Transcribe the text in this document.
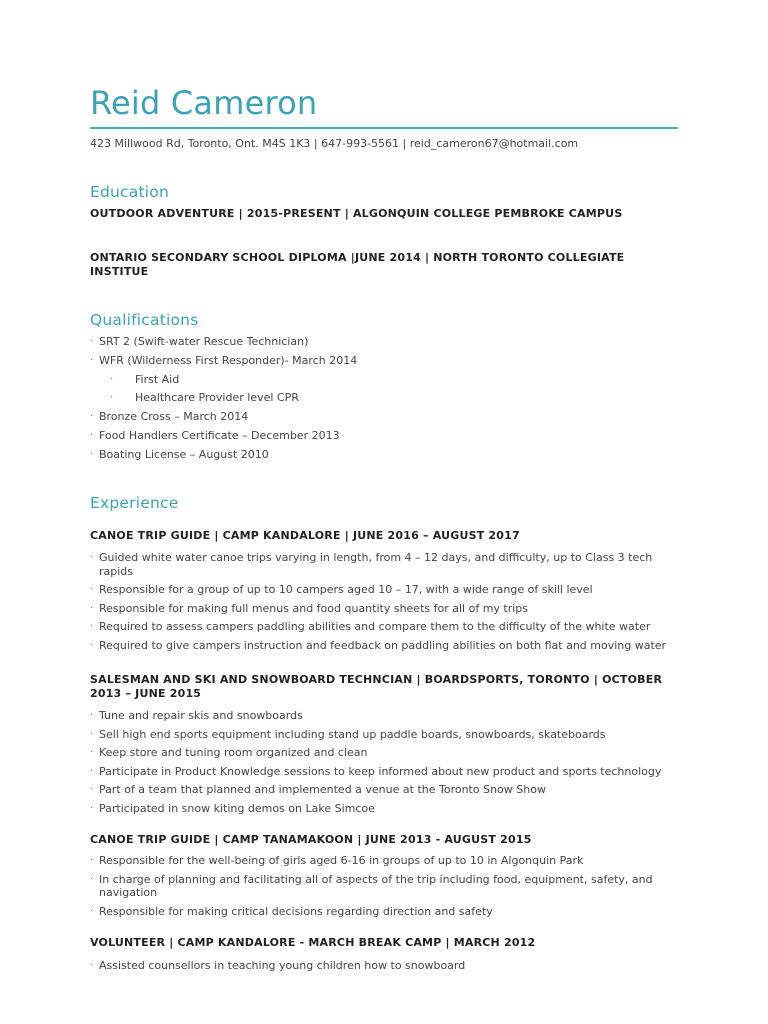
Reid Cameron
423 Millwood Rd, Toronto, Ont. M4S 1K3 | 647-993-5561 | reid_cameron67@hotmail.com
Education

OUTDOOR ADVENTURE | 2015-PRESENT | ALGONQUIN COLLEGE PEMBROKE CAMPUS

ONTARIO SECONDARY SCHOOL DIPLOMA |JUNE 2014 | NORTH TORONTO COLLEGIATE INSTITUE

Qualifications
· SRT 2 (Swift-water Rescue Technician)
· WFR (Wilderness First Responder)- March 2014
· First Aid
· Healthcare Provider level CPR
· Bronze Cross – March 2014
· Food Handlers Certificate – December 2013
· Boating License – August 2010
Experience

CANOE TRIP GUIDE | CAMP KANDALORE | JUNE 2016 – AUGUST 2017

· Guided white water canoe trips varying in length, from 4 – 12 days, and difficulty, up to Class 3 tech rapids
· Responsible for a group of up to 10 campers aged 10 – 17, with a wide range of skill level
· Responsible for making full menus and food quantity sheets for all of my trips
· Required to assess campers paddling abilities and compare them to the difficulty of the white water
· Required to give campers instruction and feedback on paddling abilities on both flat and moving water

SALESMAN AND SKI AND SNOWBOARD TECHNCIAN | BOARDSPORTS, TORONTO | OCTOBER 2013 – JUNE 2015

· Tune and repair skis and snowboards
· Sell high end sports equipment including stand up paddle boards, snowboards, skateboards
· Keep store and tuning room organized and clean
· Participate in Product Knowledge sessions to keep informed about new product and sports technology
· Part of a team that planned and implemented a venue at the Toronto Snow Show
· Participated in snow kiting demos on Lake Simcoe

CANOE TRIP GUIDE | CAMP TANAMAKOON | JUNE 2013 - AUGUST 2015

· Responsible for the well-being of girls aged 6-16 in groups of up to 10 in Algonquin Park
· In charge of planning and facilitating all of aspects of the trip including food, equipment, safety, and navigation
· Responsible for making critical decisions regarding direction and safety

VOLUNTEER | CAMP KANDALORE - MARCH BREAK CAMP | MARCH 2012

· Assisted counsellors in teaching young children how to snowboard
